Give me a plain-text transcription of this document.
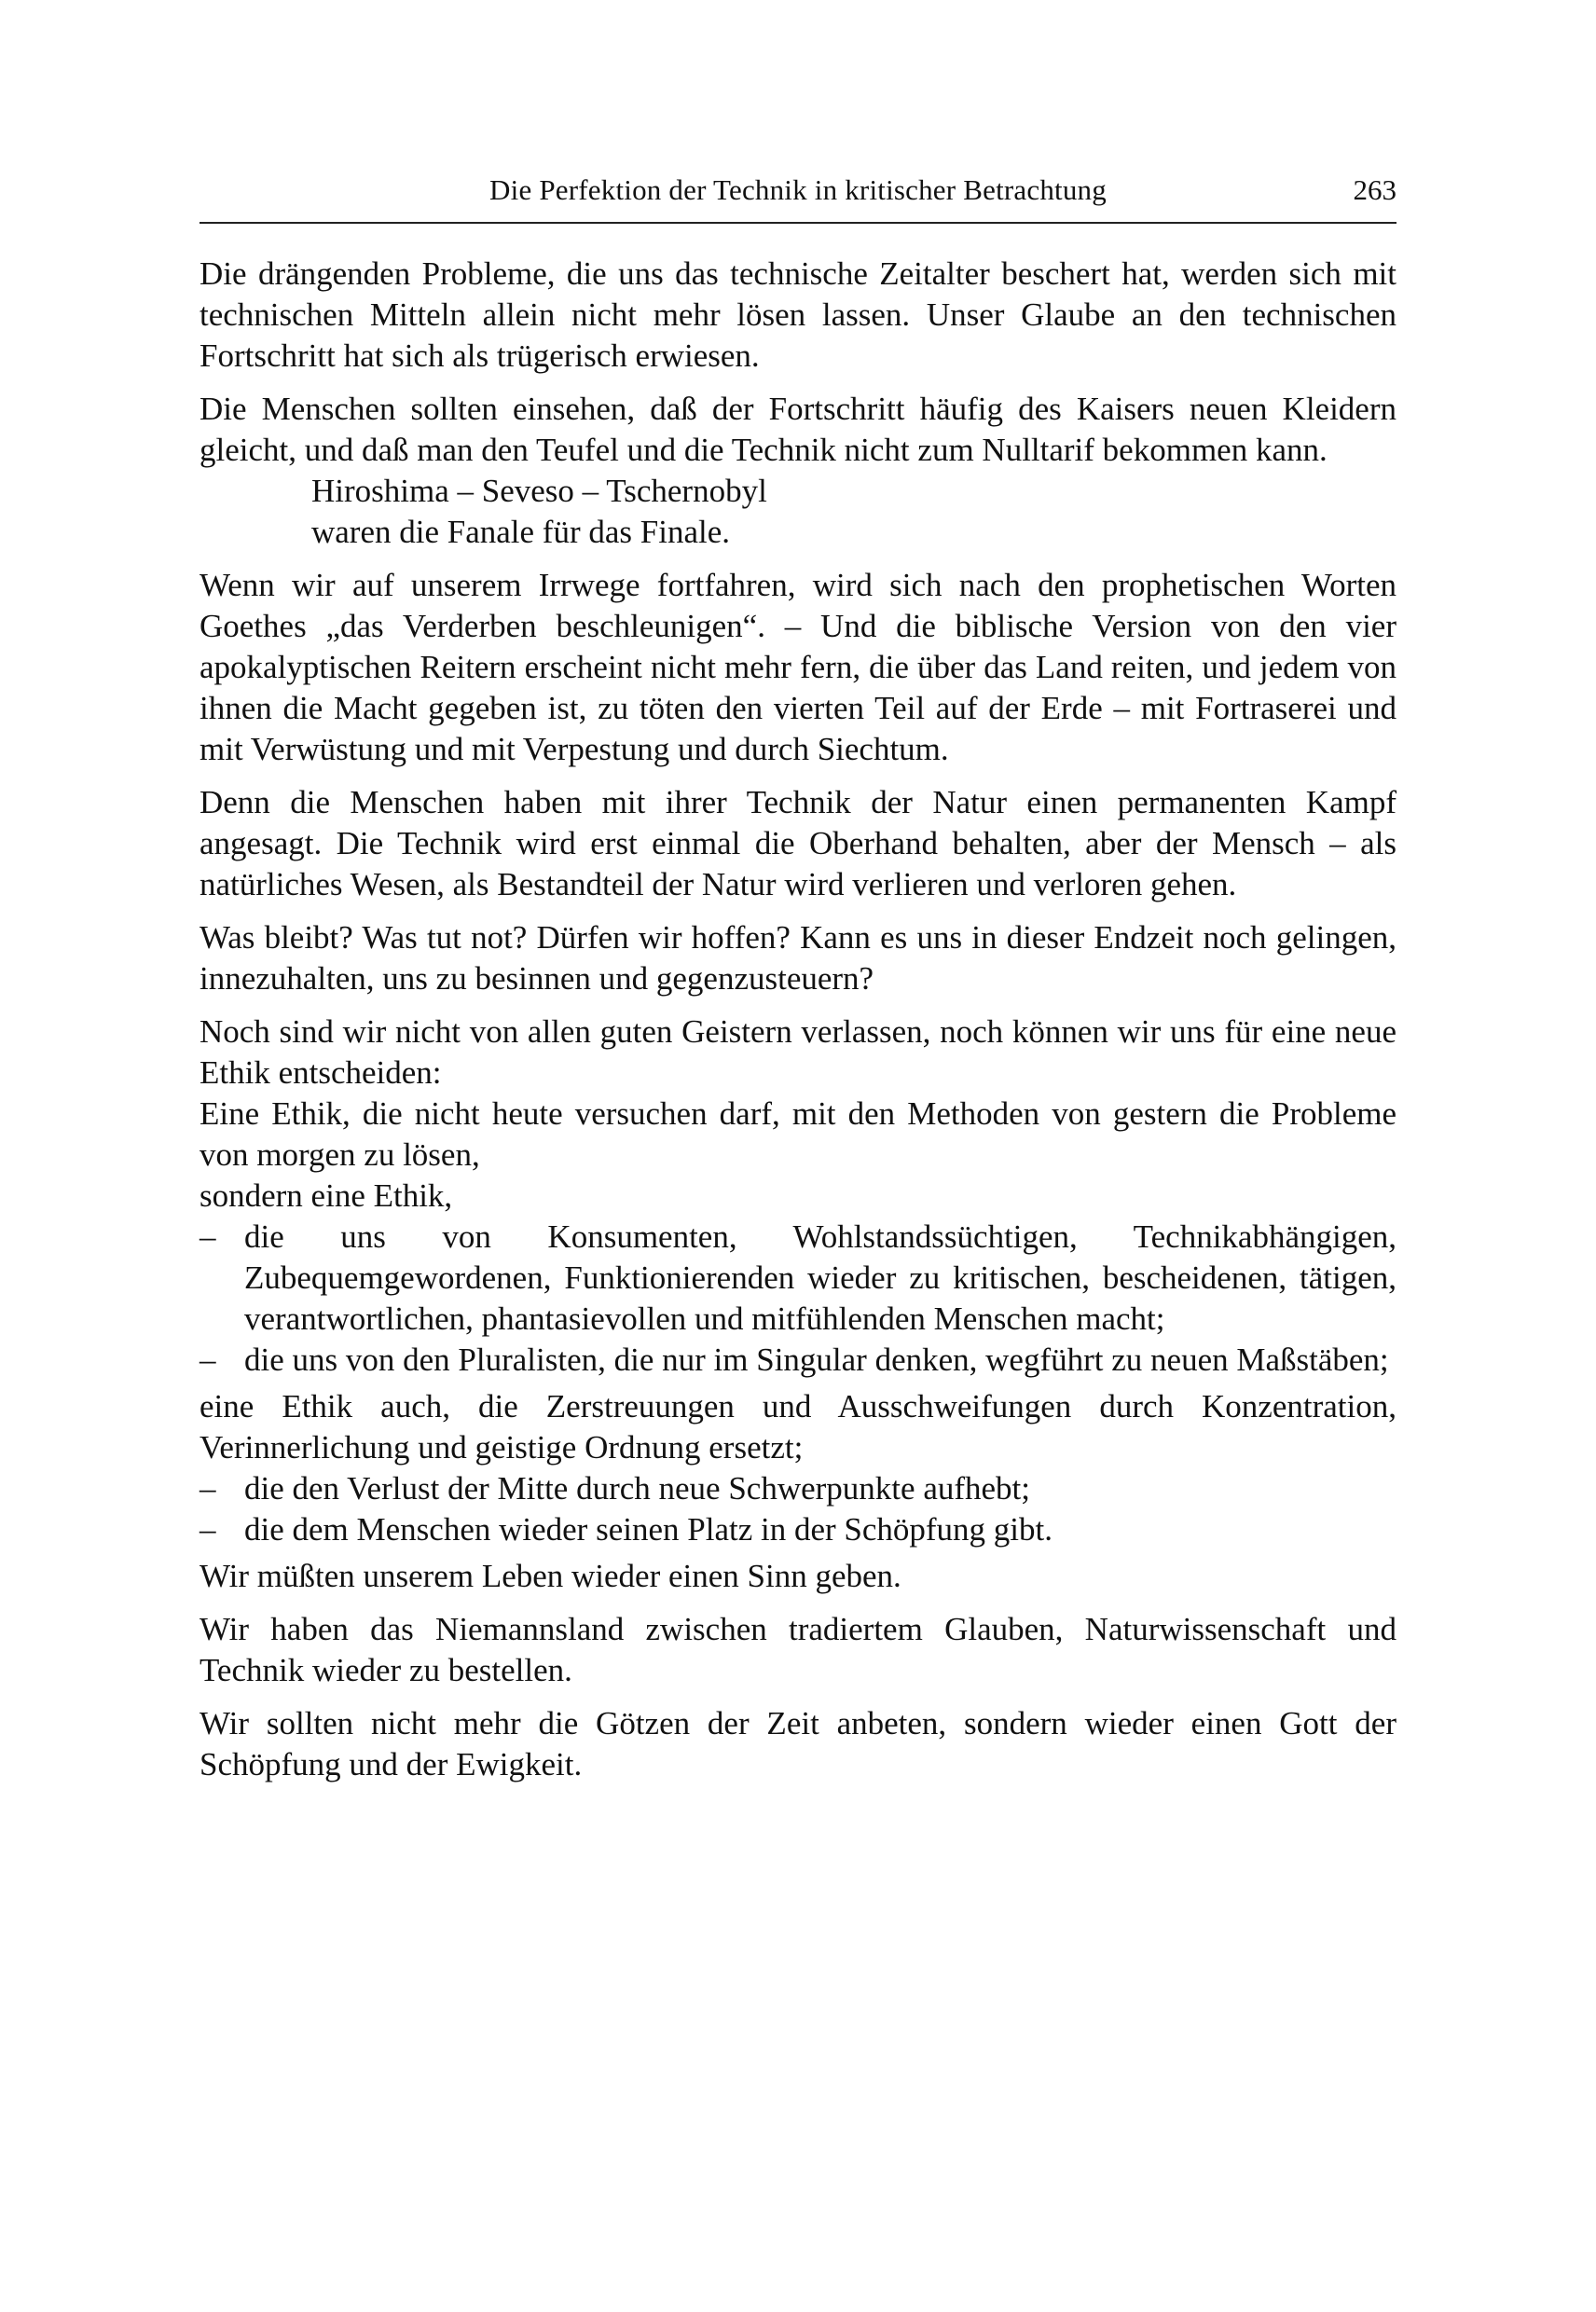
Die Perfektion der Technik in kritischer Betrachtung	263

Die drängenden Probleme, die uns das technische Zeitalter beschert hat, werden sich mit technischen Mitteln allein nicht mehr lösen lassen. Unser Glaube an den technischen Fortschritt hat sich als trügerisch erwiesen.

Die Menschen sollten einsehen, daß der Fortschritt häufig des Kaisers neuen Kleidern gleicht, und daß man den Teufel und die Technik nicht zum Nulltarif bekommen kann.

Hiroshima – Seveso – Tschernobyl
waren die Fanale für das Finale.

Wenn wir auf unserem Irrwege fortfahren, wird sich nach den prophetischen Worten Goethes „das Verderben beschleunigen“. – Und die biblische Version von den vier apokalyptischen Reitern erscheint nicht mehr fern, die über das Land reiten, und jedem von ihnen die Macht gegeben ist, zu töten den vierten Teil auf der Erde – mit Fortraserei und mit Verwüstung und mit Verpestung und durch Siechtum.

Denn die Menschen haben mit ihrer Technik der Natur einen permanenten Kampf angesagt. Die Technik wird erst einmal die Oberhand behalten, aber der Mensch – als natürliches Wesen, als Bestandteil der Natur wird verlieren und verloren gehen.

Was bleibt? Was tut not? Dürfen wir hoffen? Kann es uns in dieser Endzeit noch gelingen, innezuhalten, uns zu besinnen und gegenzusteuern?

Noch sind wir nicht von allen guten Geistern verlassen, noch können wir uns für eine neue Ethik entscheiden:

Eine Ethik, die nicht heute versuchen darf, mit den Methoden von gestern die Probleme von morgen zu lösen,

sondern eine Ethik,

– die uns von Konsumenten, Wohlstandssüchtigen, Technikabhängigen, Zubequemgewordenen, Funktionierenden wieder zu kritischen, bescheidenen, tätigen, verantwortlichen, phantasievollen und mitfühlenden Menschen macht;

– die uns von den Pluralisten, die nur im Singular denken, wegführt zu neuen Maßstäben;

eine Ethik auch, die Zerstreuungen und Ausschweifungen durch Konzentration, Verinnerlichung und geistige Ordnung ersetzt;

– die den Verlust der Mitte durch neue Schwerpunkte aufhebt;

– die dem Menschen wieder seinen Platz in der Schöpfung gibt.

Wir müßten unserem Leben wieder einen Sinn geben.

Wir haben das Niemannsland zwischen tradiertem Glauben, Naturwissenschaft und Technik wieder zu bestellen.

Wir sollten nicht mehr die Götzen der Zeit anbeten, sondern wieder einen Gott der Schöpfung und der Ewigkeit.
